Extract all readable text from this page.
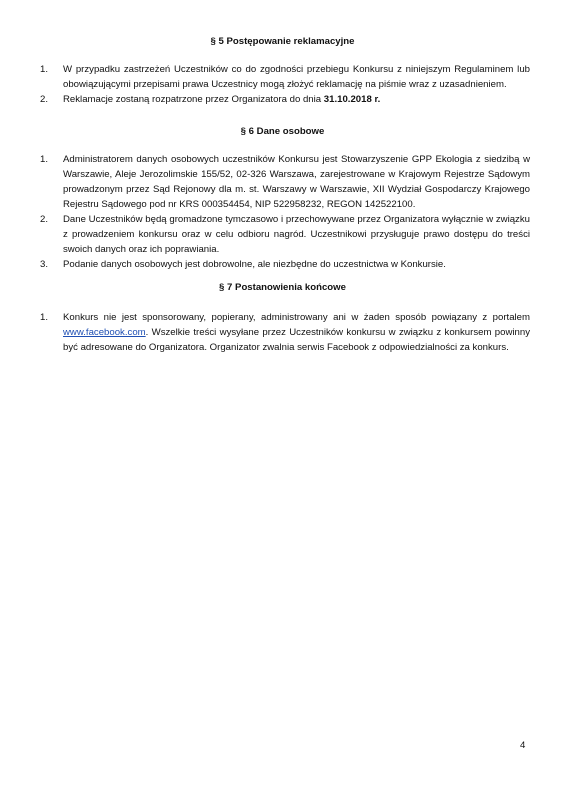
§ 5 Postępowanie reklamacyjne
1. W przypadku zastrzeżeń Uczestników co do zgodności przebiegu Konkursu z niniejszym Regulaminem lub obowiązującymi przepisami prawa Uczestnicy mogą złożyć reklamację na piśmie wraz z uzasadnieniem.
2. Reklamacje zostaną rozpatrzone przez Organizatora do dnia 31.10.2018 r.
§ 6 Dane osobowe
1. Administratorem danych osobowych uczestników Konkursu jest Stowarzyszenie GPP Ekologia z siedzibą w Warszawie, Aleje Jerozolimskie 155/52, 02-326 Warszawa, zarejestrowane w Krajowym Rejestrze Sądowym prowadzonym przez Sąd Rejonowy dla m. st. Warszawy w Warszawie, XII Wydział Gospodarczy Krajowego Rejestru Sądowego pod nr KRS 000354454, NIP 522958232, REGON 142522100.
2. Dane Uczestników będą gromadzone tymczasowo i przechowywane przez Organizatora wyłącznie w związku z prowadzeniem konkursu oraz w celu odbioru nagród. Uczestnikowi przysługuje prawo dostępu do treści swoich danych oraz ich poprawiania.
3. Podanie danych osobowych jest dobrowolne, ale niezbędne do uczestnictwa w Konkursie.
§ 7 Postanowienia końcowe
1. Konkurs nie jest sponsorowany, popierany, administrowany ani w żaden sposób powiązany z portalem www.facebook.com. Wszelkie treści wysyłane przez Uczestników konkursu w związku z konkursem powinny być adresowane do Organizatora. Organizator zwalnia serwis Facebook z odpowiedzialności za konkurs.
4
